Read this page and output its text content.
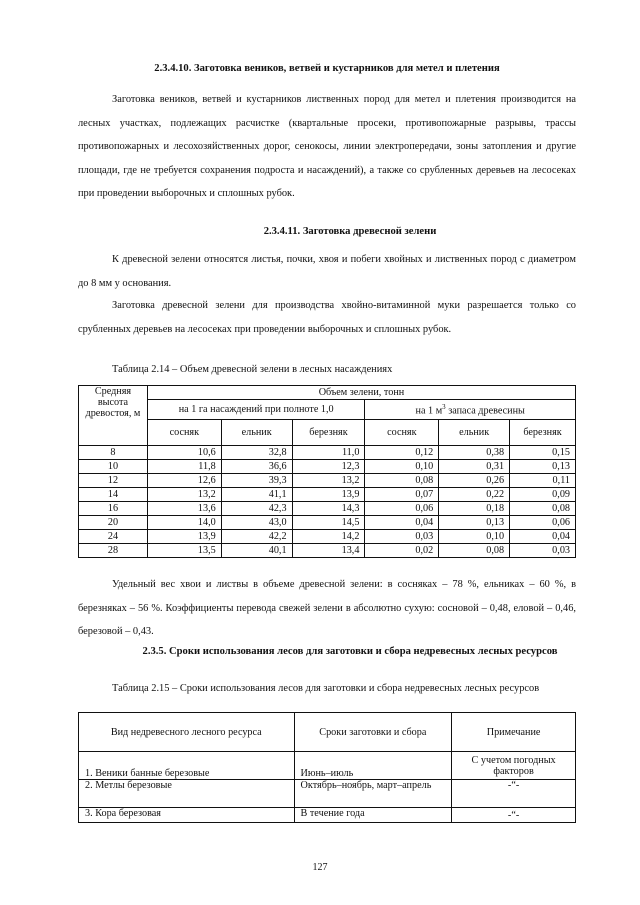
2.3.4.10. Заготовка веников, ветвей и кустарников для метел и плетения

Заготовка веников, ветвей и кустарников лиственных пород для метел и плетения производится на лесных участках, подлежащих расчистке (квартальные просеки, противопожарные разрывы, трассы противопожарных и лесохозяйственных дорог, сенокосы, линии электропередачи, зоны затопления и другие площади, где не требуется сохранения подроста и насаждений), а также со срубленных деревьев на лесосеках при проведении выборочных и сплошных рубок.

2.3.4.11. Заготовка древесной зелени

К древесной зелени относятся листья, почки, хвоя и побеги хвойных и лиственных пород с диаметром до 8 мм у основания.

Заготовка древесной зелени для производства хвойно-витаминной муки разрешается только со срубленных деревьев на лесосеках при проведении выборочных и сплошных рубок.

Таблица 2.14 – Объем древесной зелени в лесных насаждениях
Средняя высота древостоя, м	Объем зелени, тонн					
	на 1 га насаждений при полноте 1,0			на 1 $м^3$ запаса древесины		
	сосняк	ельник	березняк	сосняк	ельник	березняк
8	10,6	32,8	11,0	0,12	0,38	0,15
10	11,8	36,6	12,3	0,10	0,31	0,13
12	12,6	39,3	13,2	0,08	0,26	0,11
14	13,2	41,1	13,9	0,07	0,22	0,09
16	13,6	42,3	14,3	0,06	0,18	0,08
20	14,0	43,0	14,5	0,04	0,13	0,06
24	13,9	42,2	14,2	0,03	0,10	0,04
28	13,5	40,1	13,4	0,02	0,08	0,03

Удельный вес хвои и листвы в объеме древесной зелени: в сосняках – 78 %, ельниках – 60 %, в березняках – 56 %. Коэффициенты перевода свежей зелени в абсолютно сухую: сосновой – 0,48, еловой – 0,46, березовой – 0,43.

2.3.5. Сроки использования лесов для заготовки и сбора недревесных лесных ресурсов
Таблица 2.15 – Сроки использования лесов для заготовки и сбора недревесных лесных ресурсов
Вид недревесного лесного ресурса	Сроки заготовки и сбора	Примечание
1. Веники банные березовые	Июнь–июль	С учетом погодных факторов
2. Метлы березовые	Октябрь–ноябрь, март–апрель	-“-
3. Кора березовая	В течение года	-“-
127
